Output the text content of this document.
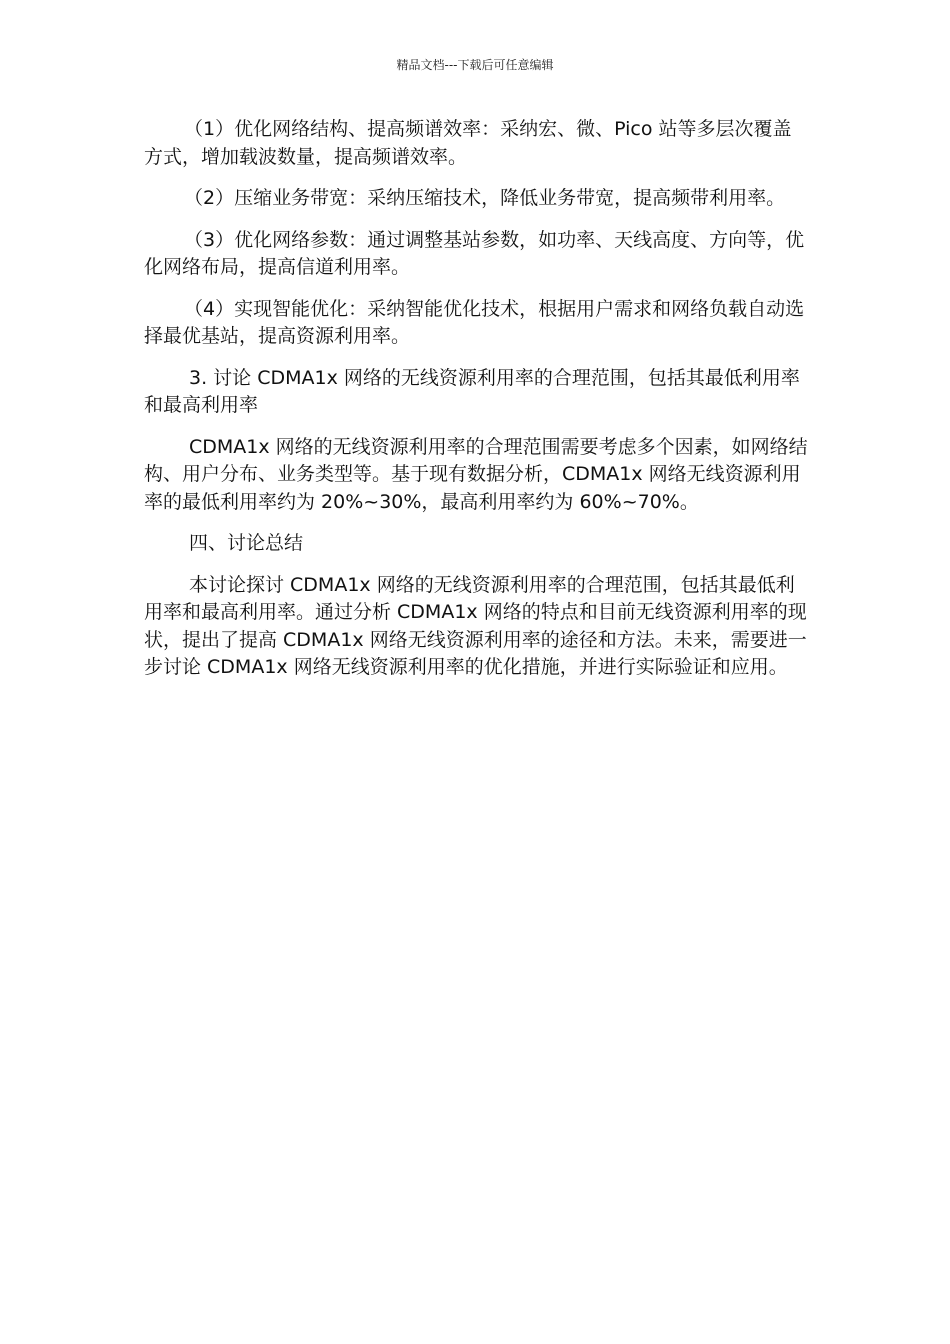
精品文档---下载后可任意编辑

（1）优化网络结构、提高频谱效率：采纳宏、微、Pico 站等多层次覆盖方式，增加载波数量，提高频谱效率。

（2）压缩业务带宽：采纳压缩技术，降低业务带宽，提高频带利用率。

（3）优化网络参数：通过调整基站参数，如功率、天线高度、方向等，优化网络布局，提高信道利用率。

（4）实现智能优化：采纳智能优化技术，根据用户需求和网络负载自动选择最优基站，提高资源利用率。

3. 讨论 CDMA1x 网络的无线资源利用率的合理范围，包括其最低利用率和最高利用率

CDMA1x 网络的无线资源利用率的合理范围需要考虑多个因素，如网络结构、用户分布、业务类型等。基于现有数据分析，CDMA1x 网络无线资源利用率的最低利用率约为 20%~30%，最高利用率约为 60%~70%。

四、讨论总结

本讨论探讨 CDMA1x 网络的无线资源利用率的合理范围，包括其最低利用率和最高利用率。通过分析 CDMA1x 网络的特点和目前无线资源利用率的现状，提出了提高 CDMA1x 网络无线资源利用率的途径和方法。未来，需要进一步讨论 CDMA1x 网络无线资源利用率的优化措施，并进行实际验证和应用。
